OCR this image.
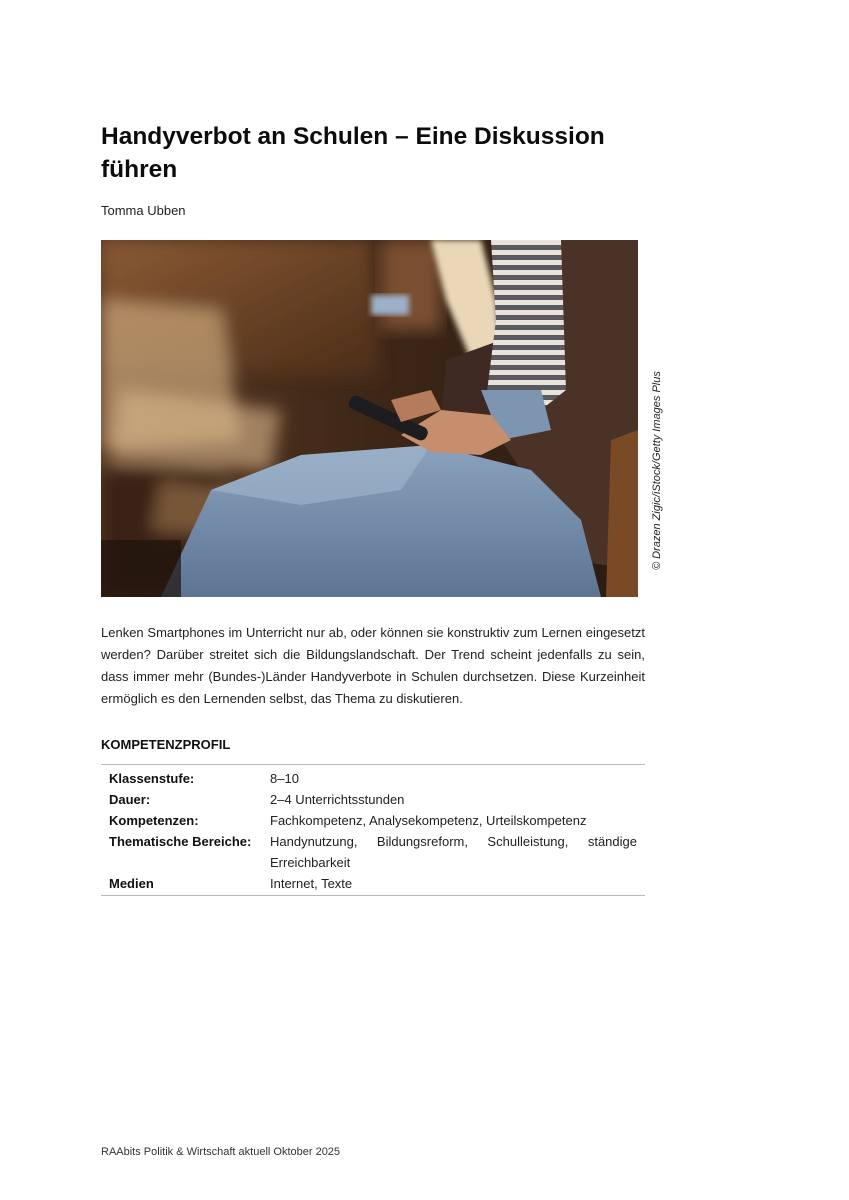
Handyverbot an Schulen – Eine Diskussion führen
Tomma Ubben
© Drazen Zigic/iStock/Getty Images Plus

Lenken Smartphones im Unterricht nur ab, oder können sie konstruktiv zum Lernen eingesetzt werden? Darüber streitet sich die Bildungslandschaft. Der Trend scheint jedenfalls zu sein, dass immer mehr (Bundes-)Länder Handyverbote in Schulen durchsetzen. Diese Kurzeinheit ermöglich es den Lernenden selbst, das Thema zu diskutieren.

KOMPETENZPROFIL
Klassenstufe:	8–10
Dauer:	2–4 Unterrichtsstunden
Kompetenzen:	Fachkompetenz, Analysekompetenz, Urteilskompetenz
Thematische Bereiche:	Handynutzung, Bildungsreform, Schulleistung, ständige Erreichbarkeit
Medien	Internet, Texte
RAAbits Politik & Wirtschaft aktuell Oktober 2025
